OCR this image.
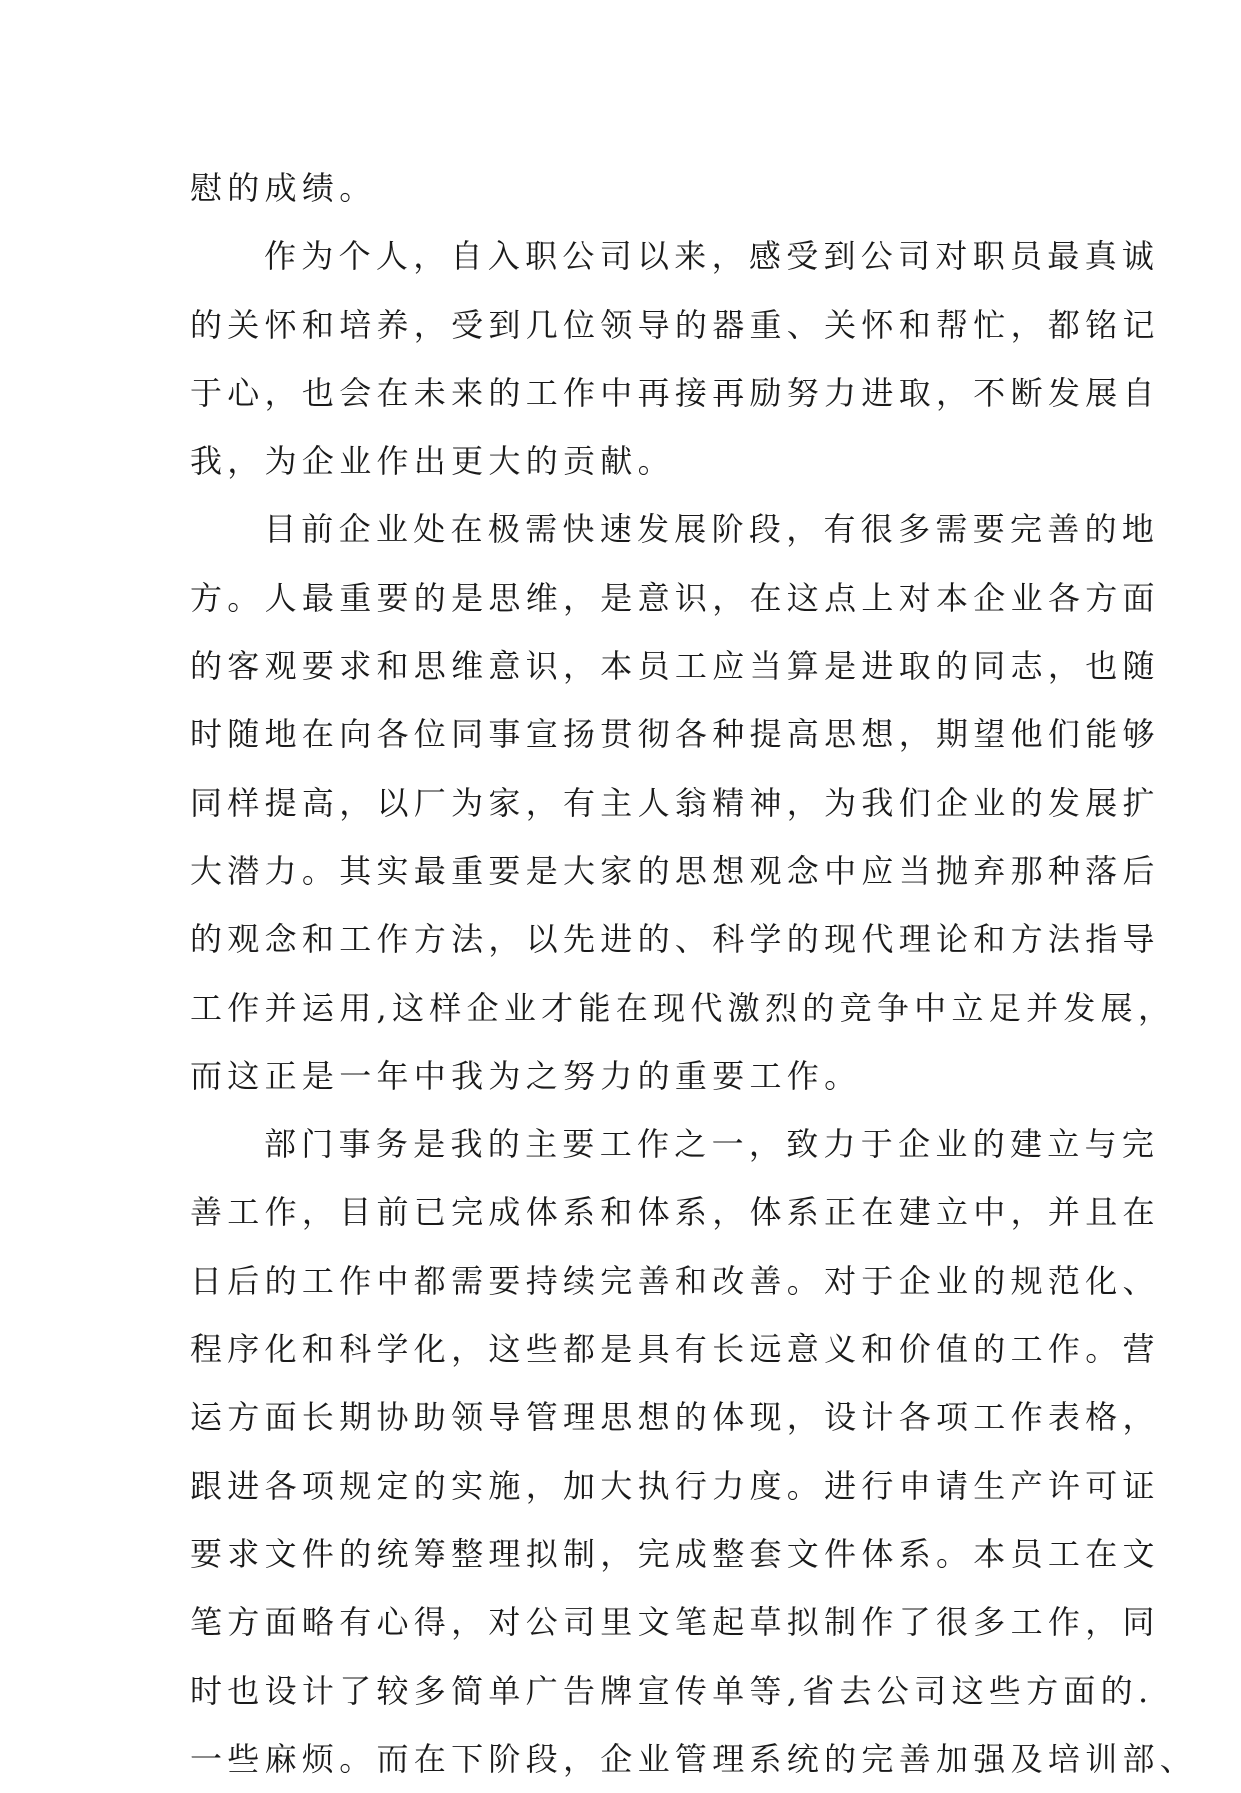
慰的成绩。
作为个人，自入职公司以来，感受到公司对职员最真诚
的关怀和培养，受到几位领导的器重、关怀和帮忙，都铭记
于心，也会在未来的工作中再接再励努力进取，不断发展自
我，为企业作出更大的贡献。
目前企业处在极需快速发展阶段，有很多需要完善的地
方。人最重要的是思维，是意识，在这点上对本企业各方面
的客观要求和思维意识，本员工应当算是进取的同志，也随
时随地在向各位同事宣扬贯彻各种提高思想，期望他们能够
同样提高，以厂为家，有主人翁精神，为我们企业的发展扩
大潜力。其实最重要是大家的思想观念中应当抛弃那种落后
的观念和工作方法，以先进的、科学的现代理论和方法指导
工作并运用,这样企业才能在现代激烈的竞争中立足并发展，
而这正是一年中我为之努力的重要工作。
部门事务是我的主要工作之一，致力于企业的建立与完
善工作，目前已完成体系和体系，体系正在建立中，并且在
日后的工作中都需要持续完善和改善。对于企业的规范化、
程序化和科学化，这些都是具有长远意义和价值的工作。营
运方面长期协助领导管理思想的体现，设计各项工作表格，
跟进各项规定的实施，加大执行力度。进行申请生产许可证
要求文件的统筹整理拟制，完成整套文件体系。本员工在文
笔方面略有心得，对公司里文笔起草拟制作了很多工作，同
时也设计了较多简单广告牌宣传单等,省去公司这些方面的.
一些麻烦。而在下阶段，企业管理系统的完善加强及培训部、
